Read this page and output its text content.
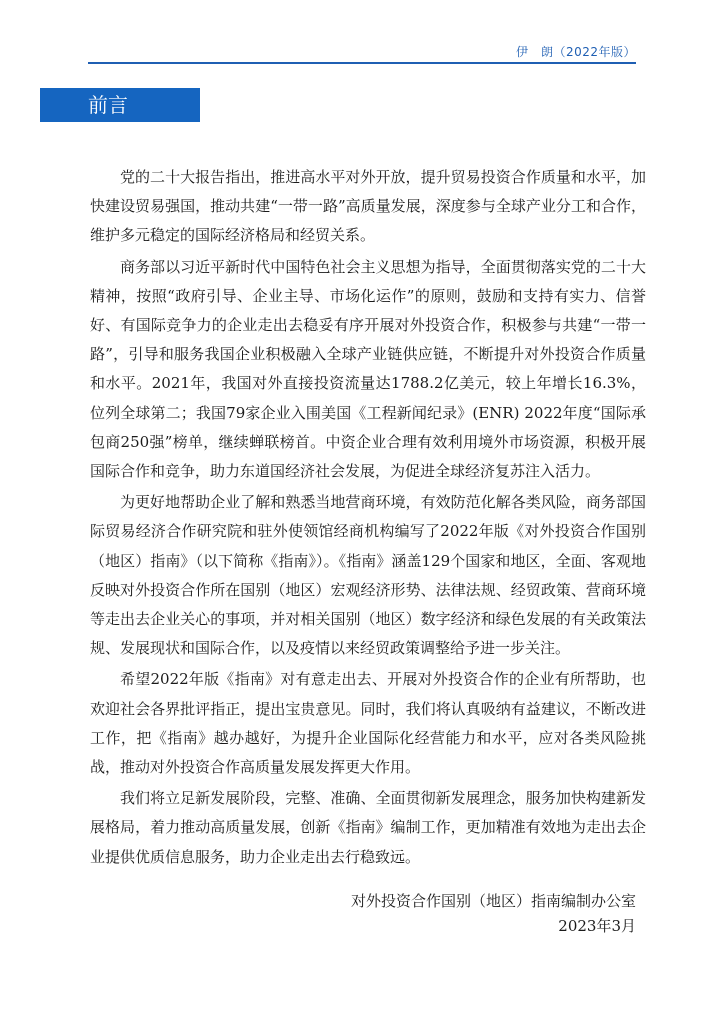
伊　朗（2022年版）
前言

党的二十大报告指出，推进高水平对外开放，提升贸易投资合作质量和水平，加快建设贸易强国，推动共建“一带一路”高质量发展，深度参与全球产业分工和合作，维护多元稳定的国际经济格局和经贸关系。

商务部以习近平新时代中国特色社会主义思想为指导，全面贯彻落实党的二十大精神，按照“政府引导、企业主导、市场化运作”的原则，鼓励和支持有实力、信誉好、有国际竞争力的企业走出去稳妥有序开展对外投资合作，积极参与共建“一带一路”，引导和服务我国企业积极融入全球产业链供应链，不断提升对外投资合作质量和水平。2021年，我国对外直接投资流量达1788.2亿美元，较上年增长16.3%，位列全球第二；我国79家企业入围美国《工程新闻纪录》(ENR) 2022年度“国际承包商250强”榜单，继续蝉联榜首。中资企业合理有效利用境外市场资源，积极开展国际合作和竞争，助力东道国经济社会发展，为促进全球经济复苏注入活力。

为更好地帮助企业了解和熟悉当地营商环境，有效防范化解各类风险，商务部国际贸易经济合作研究院和驻外使领馆经商机构编写了2022年版《对外投资合作国别（地区）指南》（以下简称《指南》）。《指南》涵盖129个国家和地区，全面、客观地反映对外投资合作所在国别（地区）宏观经济形势、法律法规、经贸政策、营商环境等走出去企业关心的事项，并对相关国别（地区）数字经济和绿色发展的有关政策法规、发展现状和国际合作，以及疫情以来经贸政策调整给予进一步关注。

希望2022年版《指南》对有意走出去、开展对外投资合作的企业有所帮助，也欢迎社会各界批评指正，提出宝贵意见。同时，我们将认真吸纳有益建议，不断改进工作，把《指南》越办越好，为提升企业国际化经营能力和水平，应对各类风险挑战，推动对外投资合作高质量发展发挥更大作用。

我们将立足新发展阶段，完整、准确、全面贯彻新发展理念，服务加快构建新发展格局，着力推动高质量发展，创新《指南》编制工作，更加精准有效地为走出去企业提供优质信息服务，助力企业走出去行稳致远。

对外投资合作国别（地区）指南编制办公室
2023年3月
